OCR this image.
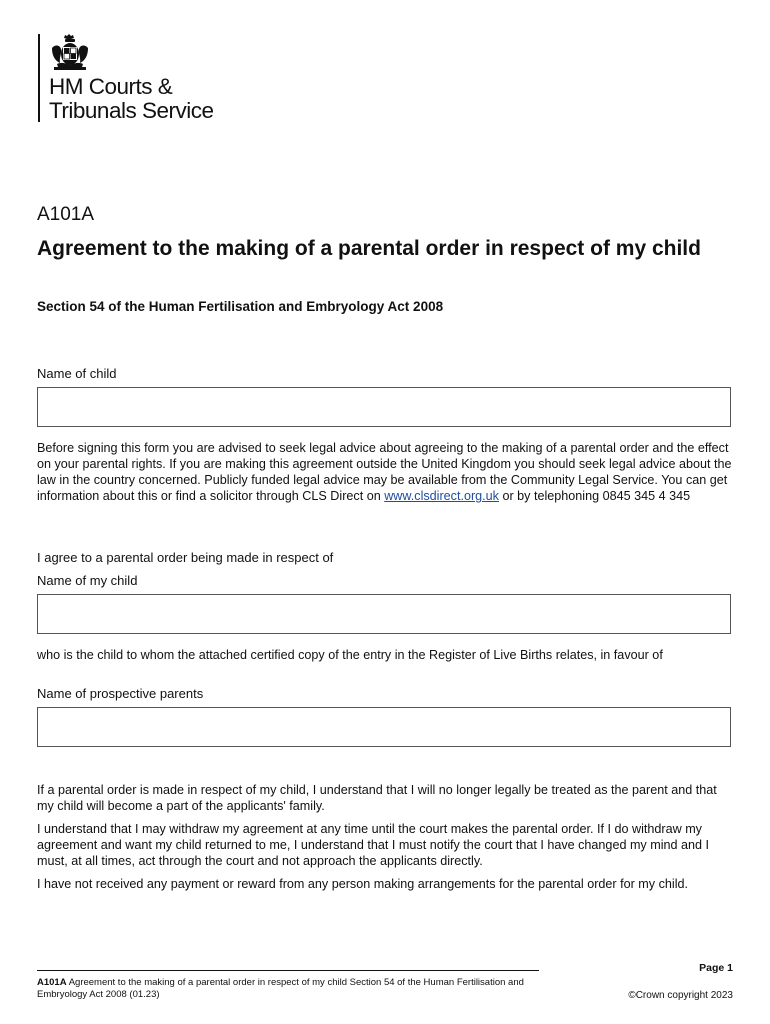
HM Courts &
Tribunals Service
A101A
Agreement to the making of a parental order in respect of my child
Section 54 of the Human Fertilisation and Embryology Act 2008
Name of child
Before signing this form you are advised to seek legal advice about agreeing to the making of a parental order and the effect on your parental rights. If you are making this agreement outside the United Kingdom you should seek legal advice about the law in the country concerned. Publicly funded legal advice may be available from the Community Legal Service. You can get information about this or find a solicitor through CLS Direct on www.clsdirect.org.uk or by telephoning 0845 345 4 345
I agree to a parental order being made in respect of
Name of my child
who is the child to whom the attached certified copy of the entry in the Register of Live Births relates, in favour of
Name of prospective parents

If a parental order is made in respect of my child, I understand that I will no longer legally be treated as the parent and that my child will become a part of the applicants' family.

I understand that I may withdraw my agreement at any time until the court makes the parental order. If I do withdraw my agreement and want my child returned to me, I understand that I must notify the court that I have changed my mind and I must, at all times, act through the court and not approach the applicants directly.

I have not received any payment or reward from any person making arrangements for the parental order for my child.

Page 1
A101A Agreement to the making of a parental order in respect of my child Section 54 of the Human Fertilisation and Embryology Act 2008 (01.23)	©Crown copyright 2023
